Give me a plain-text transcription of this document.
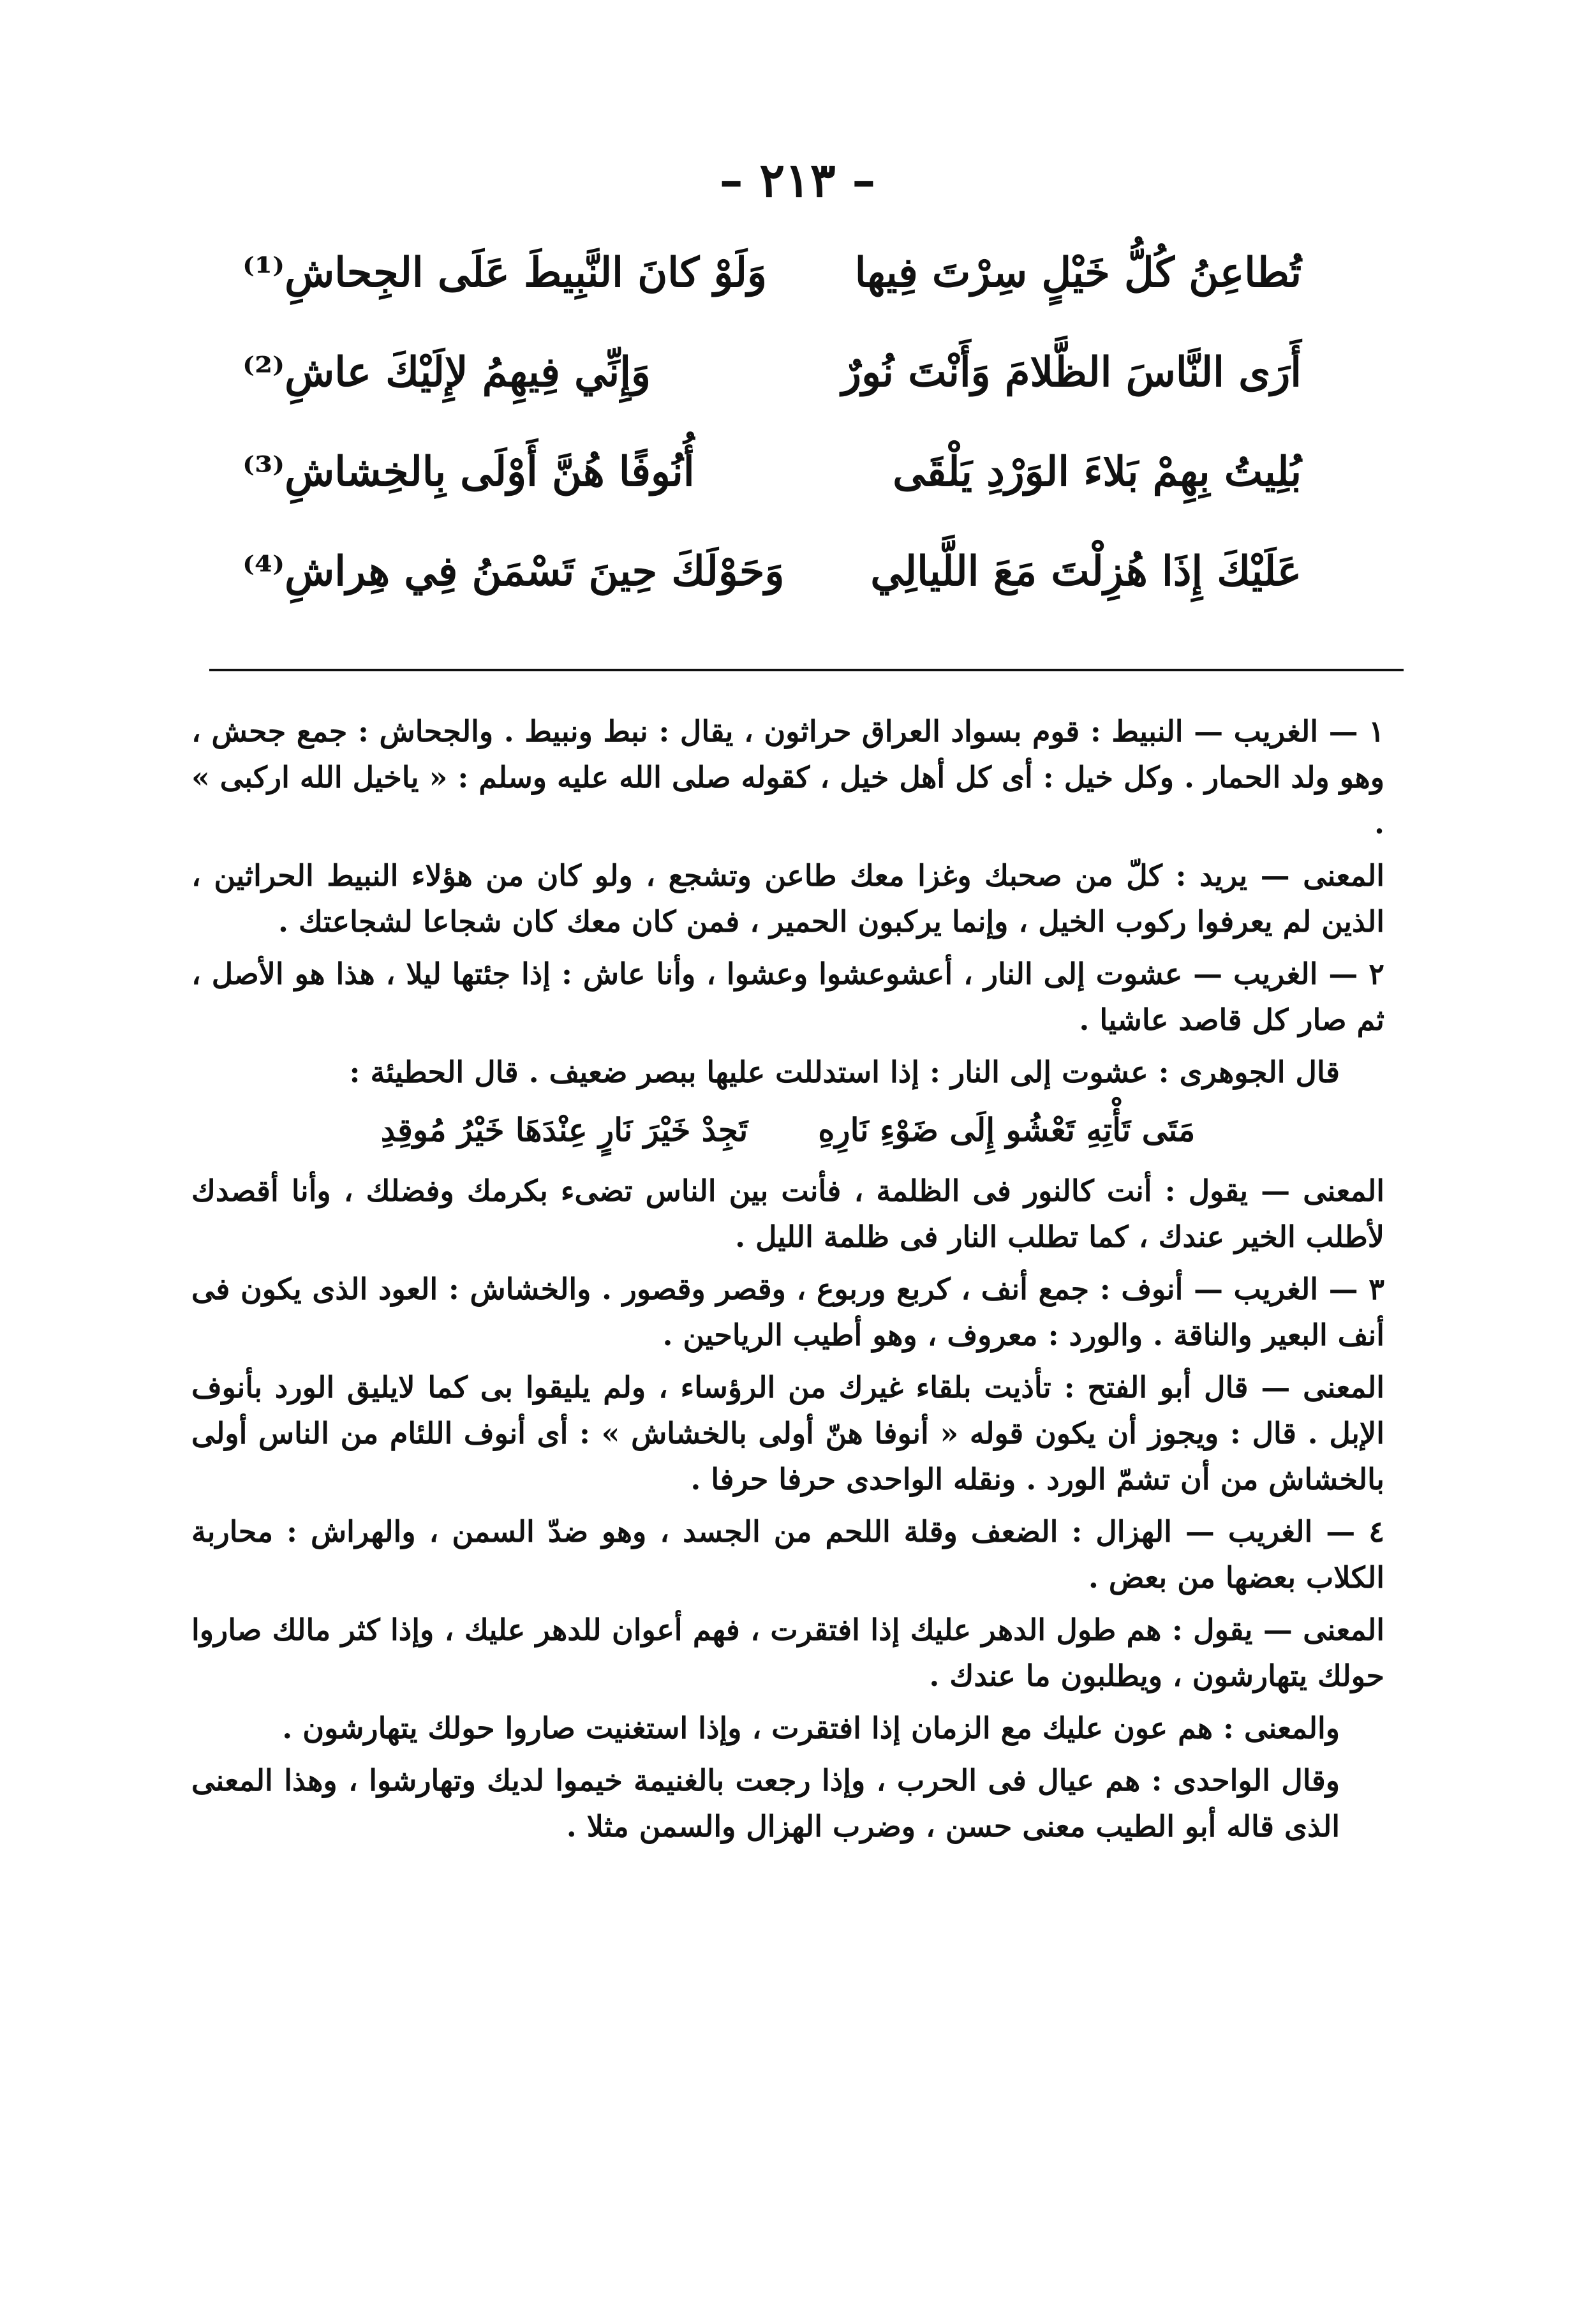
– ٢١٣ –
تُطاعِنُ كُلُّ خَيْلٍ سِرْتَ فِيها
وَلَوْ كانَ النَّبِيطَ عَلَى الجِحاشِ⁽¹⁾
أَرَى النَّاسَ الظَّلامَ وَأَنْتَ نُورٌ
وَإِنِّي فِيهِمُ لإِلَيْكَ عاشِ⁽²⁾
بُلِيتُ بِهِمْ بَلاءَ الوَرْدِ يَلْقَى
أُنُوفًا هُنَّ أَوْلَى بِالخِشاشِ⁽³⁾
عَلَيْكَ إِذَا هُزِلْتَ مَعَ اللَّيالِي
وَحَوْلَكَ حِينَ تَسْمَنُ فِي هِراشِ⁽⁴⁾

١ — الغريب — النبيط : قوم بسواد العراق حراثون ، يقال : نبط ونبيط . والجحاش : جمع جحش ، وهو ولد الحمار . وكل خيل : أى كل أهل خيل ، كقوله صلى الله عليه وسلم : « ياخيل الله اركبى » .

المعنى — يريد : كلّ من صحبك وغزا معك طاعن وتشجع ، ولو كان من هؤلاء النبيط الحراثين ، الذين لم يعرفوا ركوب الخيل ، وإنما يركبون الحمير ، فمن كان معك كان شجاعا لشجاعتك .

٢ — الغريب — عشوت إلى النار ، أعشوعشوا وعشوا ، وأنا عاش : إذا جئتها ليلا ، هذا هو الأصل ، ثم صار كل قاصد عاشيا .

قال الجوهرى : عشوت إلى النار : إذا استدللت عليها ببصر ضعيف . قال الحطيئة :

مَتَى تَأْتِهِ تَعْشُو إِلَى ضَوْءِ نَارِهِ
تَجِدْ خَيْرَ نَارٍ عِنْدَهَا خَيْرُ مُوقِدِ

المعنى — يقول : أنت كالنور فى الظلمة ، فأنت بين الناس تضىء بكرمك وفضلك ، وأنا أقصدك لأطلب الخير عندك ، كما تطلب النار فى ظلمة الليل .

٣ — الغريب — أنوف : جمع أنف ، كربع وربوع ، وقصر وقصور . والخشاش : العود الذى يكون فى أنف البعير والناقة . والورد : معروف ، وهو أطيب الرياحين .

المعنى — قال أبو الفتح : تأذيت بلقاء غيرك من الرؤساء ، ولم يليقوا بى كما لايليق الورد بأنوف الإبل . قال : ويجوز أن يكون قوله « أنوفا هنّ أولى بالخشاش » : أى أنوف اللئام من الناس أولى بالخشاش من أن تشمّ الورد . ونقله الواحدى حرفا حرفا .

٤ — الغريب — الهزال : الضعف وقلة اللحم من الجسد ، وهو ضدّ السمن ، والهراش : محاربة الكلاب بعضها من بعض .

المعنى — يقول : هم طول الدهر عليك إذا افتقرت ، فهم أعوان للدهر عليك ، وإذا كثر مالك صاروا حولك يتهارشون ، ويطلبون ما عندك .

والمعنى : هم عون عليك مع الزمان إذا افتقرت ، وإذا استغنيت صاروا حولك يتهارشون .

وقال الواحدى : هم عيال فى الحرب ، وإذا رجعت بالغنيمة خيموا لديك وتهارشوا ، وهذا المعنى الذى قاله أبو الطيب معنى حسن ، وضرب الهزال والسمن مثلا .
